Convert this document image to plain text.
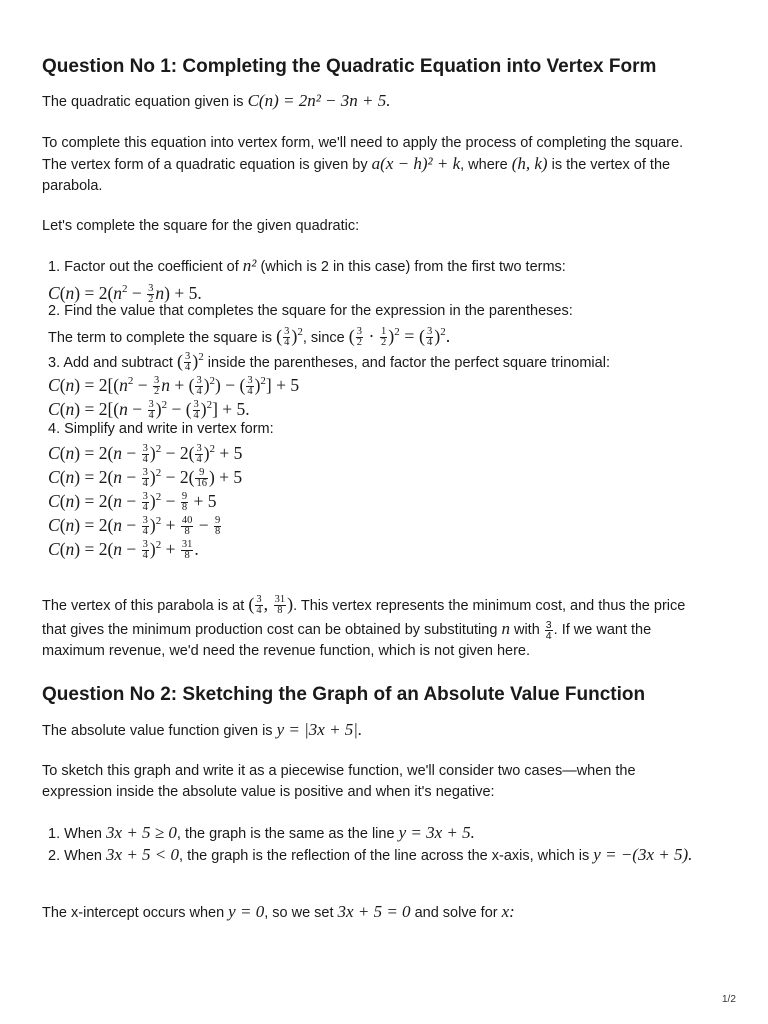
Question No 1: Completing the Quadratic Equation into Vertex Form
The quadratic equation given is C(n) = 2n² − 3n + 5.
To complete this equation into vertex form, we'll need to apply the process of completing the square.
The vertex form of a quadratic equation is given by a(x − h)² + k, where (h, k) is the vertex of the
parabola.
Let's complete the square for the given quadratic:
1. Factor out the coefficient of n² (which is 2 in this case) from the first two terms:
$C(n) = 2(n^2 - \frac{3}{2} n) + 5$.
2. Find the value that completes the square for the expression in the parentheses:
The term to complete the square is ( $\frac{3}{4} )^2$, since ( $\frac{3}{2} \cdot \frac{1}{2} )^2$ = ( $\frac{3}{4} )^2$.
3. Add and subtract ( $\frac{3}{4} )^2$ inside the parentheses, and factor the perfect square trinomial:
$C(n) = 2[(n^2 - \frac{3}{2}$ n + ( $\frac{3}{4} )^2$) − ( $\frac{3}{4} )^2] + 5$
$C(n) = 2[(n - \frac{3}{4} )^2$ − ( $\frac{3}{4} )^2] + 5$.
4. Simplify and write in vertex form:
$C(n) = 2(n - \frac{3}{4} )^2 - 2( \frac{3}{4} )^2 + 5$
$C(n) = 2(n - \frac{3}{4} )^2 - 2( \frac{9}{16}$ ) + 5
$C(n) = 2(n - \frac{3}{4} )^2 - \frac{9}{8} + 5$
$C(n) = 2(n - \frac{3}{4} )^2 + \frac{40}{8} - \frac{9}{8}$
$C(n) = 2(n - \frac{3}{4} )^2 + \frac{31}{8}$ .
The vertex of this parabola is at ( $\frac{3}{4}$ , $\frac{31}{8}$ ). This vertex represents the minimum cost, and thus the price
that gives the minimum production cost can be obtained by substituting n with $\frac{3}{4}$ . If we want the
maximum revenue, we'd need the revenue function, which is not given here.
Question No 2: Sketching the Graph of an Absolute Value Function
The absolute value function given is y = |3x + 5|.
To sketch this graph and write it as a piecewise function, we'll consider two cases—when the
expression inside the absolute value is positive and when it's negative:
1. When 3x + 5 ≥ 0, the graph is the same as the line y = 3x + 5.
2. When 3x + 5 < 0, the graph is the reflection of the line across the x-axis, which is y = −(3x + 5).
The x-intercept occurs when y = 0, so we set 3x + 5 = 0 and solve for x:
1/2
